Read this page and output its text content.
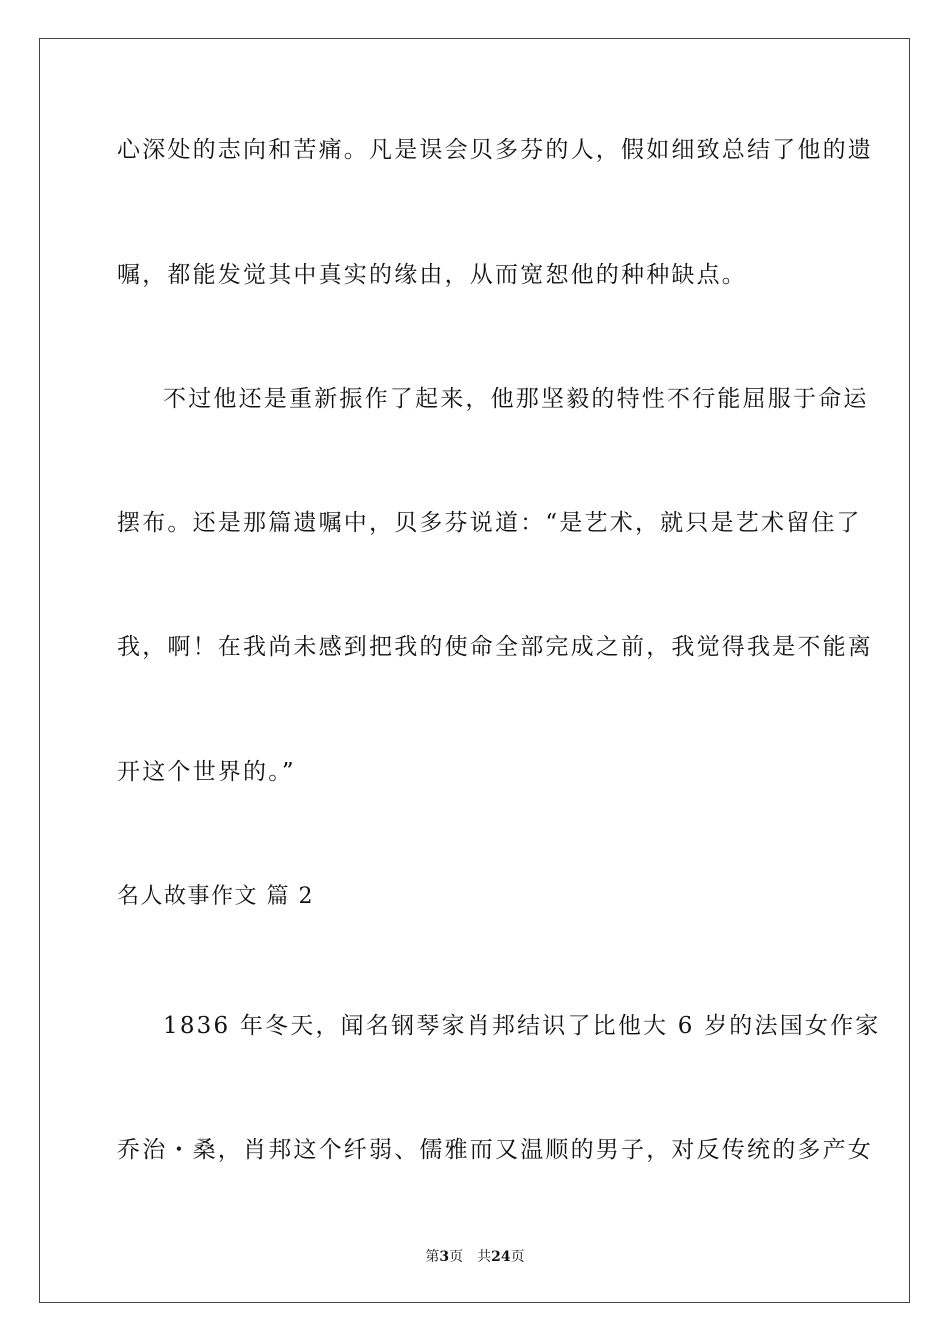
心深处的志向和苦痛。凡是误会贝多芬的人，假如细致总结了他的遗
嘱，都能发觉其中真实的缘由，从而宽恕他的种种缺点。
不过他还是重新振作了起来，他那坚毅的特性不行能屈服于命运
摆布。还是那篇遗嘱中，贝多芬说道：“是艺术，就只是艺术留住了
我，啊！在我尚未感到把我的使命全部完成之前，我觉得我是不能离
开这个世界的。”
名人故事作文 篇 2
1836 年冬天，闻名钢琴家肖邦结识了比他大 6 岁的法国女作家
乔治・桑，肖邦这个纤弱、儒雅而又温顺的男子，对反传统的多产女
第3页 共24页
